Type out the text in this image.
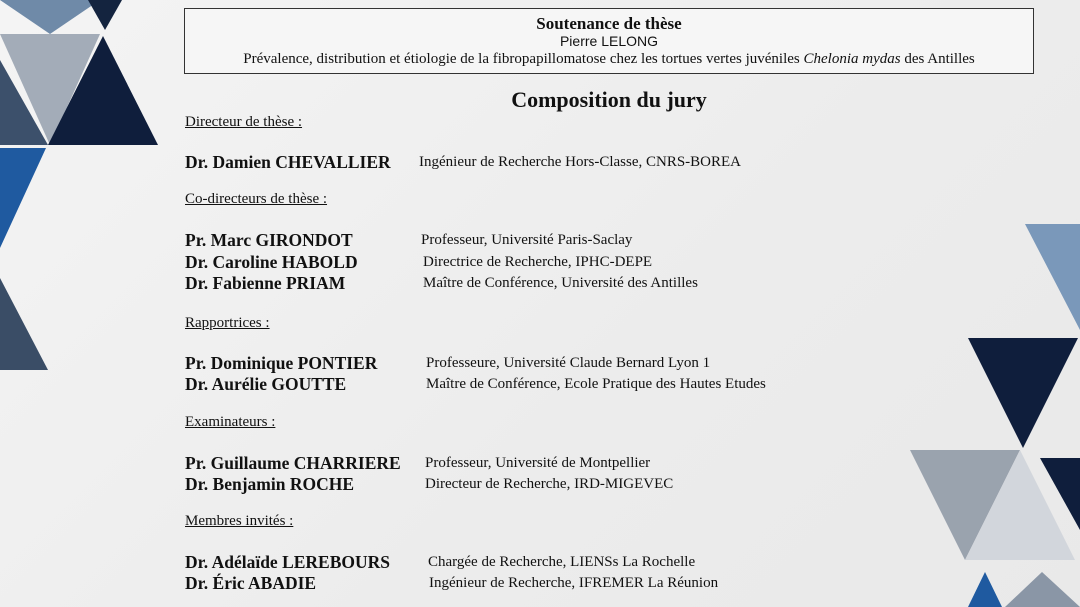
Soutenance de thèse
Pierre LELONG
Prévalence, distribution et étiologie de la fibropapillomatose chez les tortues vertes juvéniles Chelonia mydas des Antilles
Composition du jury
Directeur de thèse :
Dr. Damien CHEVALLIER Ingénieur de Recherche Hors-Classe, CNRS-BOREA
Co-directeurs de thèse :
Pr. Marc GIRONDOT	Professeur, Université Paris-Saclay
Dr. Caroline HABOLD	Directrice de Recherche, IPHC-DEPE
Dr. Fabienne PRIAM	Maître de Conférence, Université des Antilles
Rapportrices :
Pr. Dominique PONTIER	Professeure, Université Claude Bernard Lyon 1
Dr. Aurélie GOUTTE	Maître de Conférence, Ecole Pratique des Hautes Etudes
Examinateurs :
Pr. Guillaume CHARRIERE Professeur, Université de Montpellier
Dr. Benjamin ROCHE	Directeur de Recherche, IRD-MIGEVEC
Membres invités :
Dr. Adélaïde LEREBOURS	Chargée de Recherche, LIENSs La Rochelle
Dr. Éric ABADIE	Ingénieur de Recherche, IFREMER La Réunion
